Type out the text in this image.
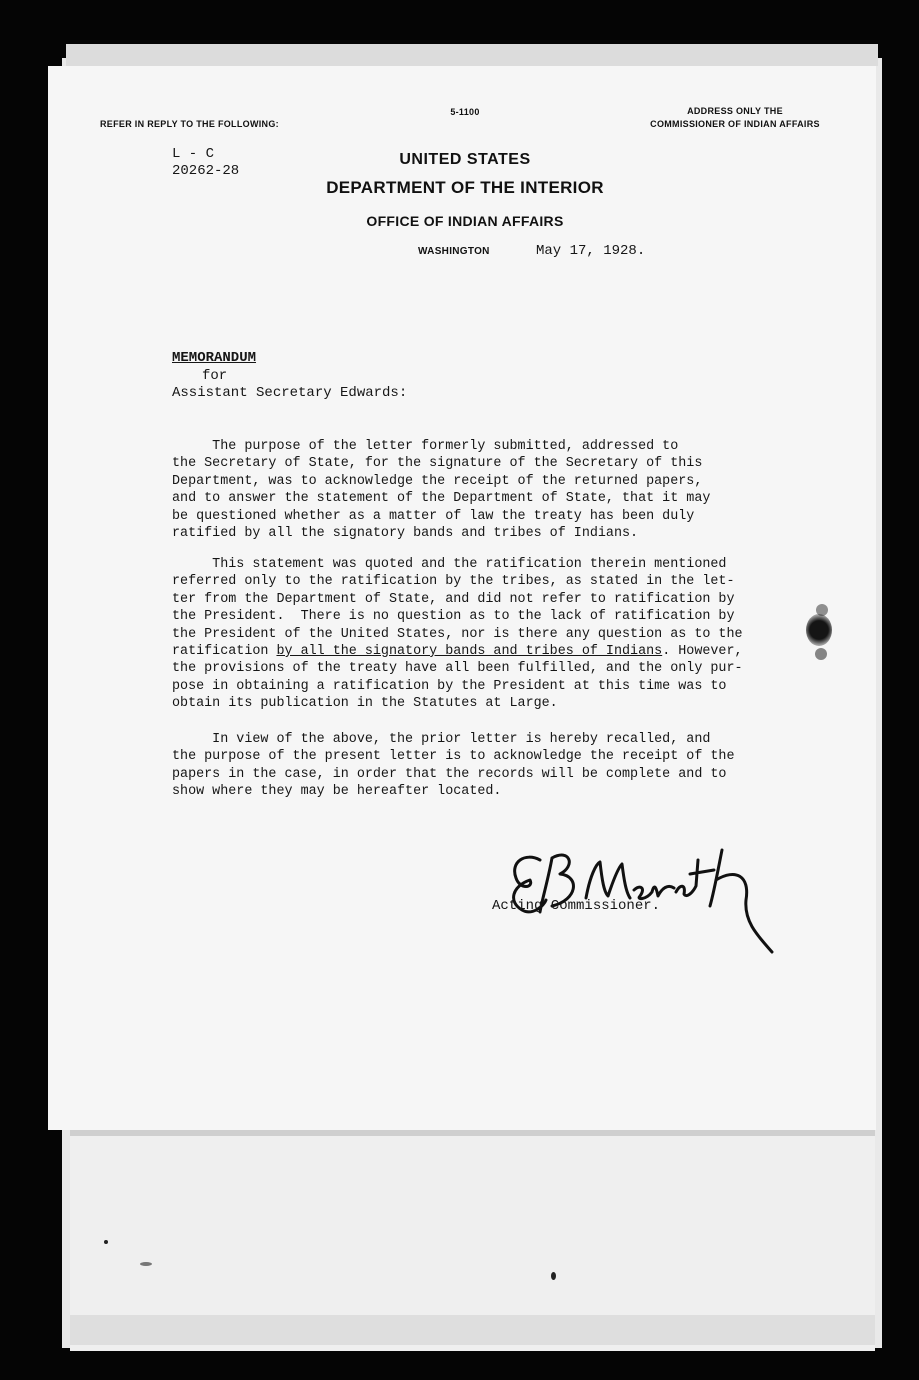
REFER IN REPLY TO THE FOLLOWING:
5-1100	ADDRESS ONLY THE
COMMISSIONER OF INDIAN AFFAIRS
L - C
20262-28
UNITED STATES
DEPARTMENT OF THE INTERIOR
OFFICE OF INDIAN AFFAIRS
WASHINGTON	May 17, 1928.
MEMORANDUM
for
Assistant Secretary Edwards:
The purpose of the letter formerly submitted, addressed to
the Secretary of State, for the signature of the Secretary of this
Department, was to acknowledge the receipt of the returned papers,
and to answer the statement of the Department of State, that it may
be questioned whether as a matter of law the treaty has been duly
ratified by all the signatory bands and tribes of Indians.
This statement was quoted and the ratification therein mentioned
referred only to the ratification by the tribes, as stated in the let-
ter from the Department of State, and did not refer to ratification by
the President.  There is no question as to the lack of ratification by
the President of the United States, nor is there any question as to the
ratification by all the signatory bands and tribes of Indians. However,
the provisions of the treaty have all been fulfilled, and the only pur-
pose in obtaining a ratification by the President at this time was to
obtain its publication in the Statutes at Large.
In view of the above, the prior letter is hereby recalled, and
the purpose of the present letter is to acknowledge the receipt of the
papers in the case, in order that the records will be complete and to
show where they may be hereafter located.
Acting Commissioner.
